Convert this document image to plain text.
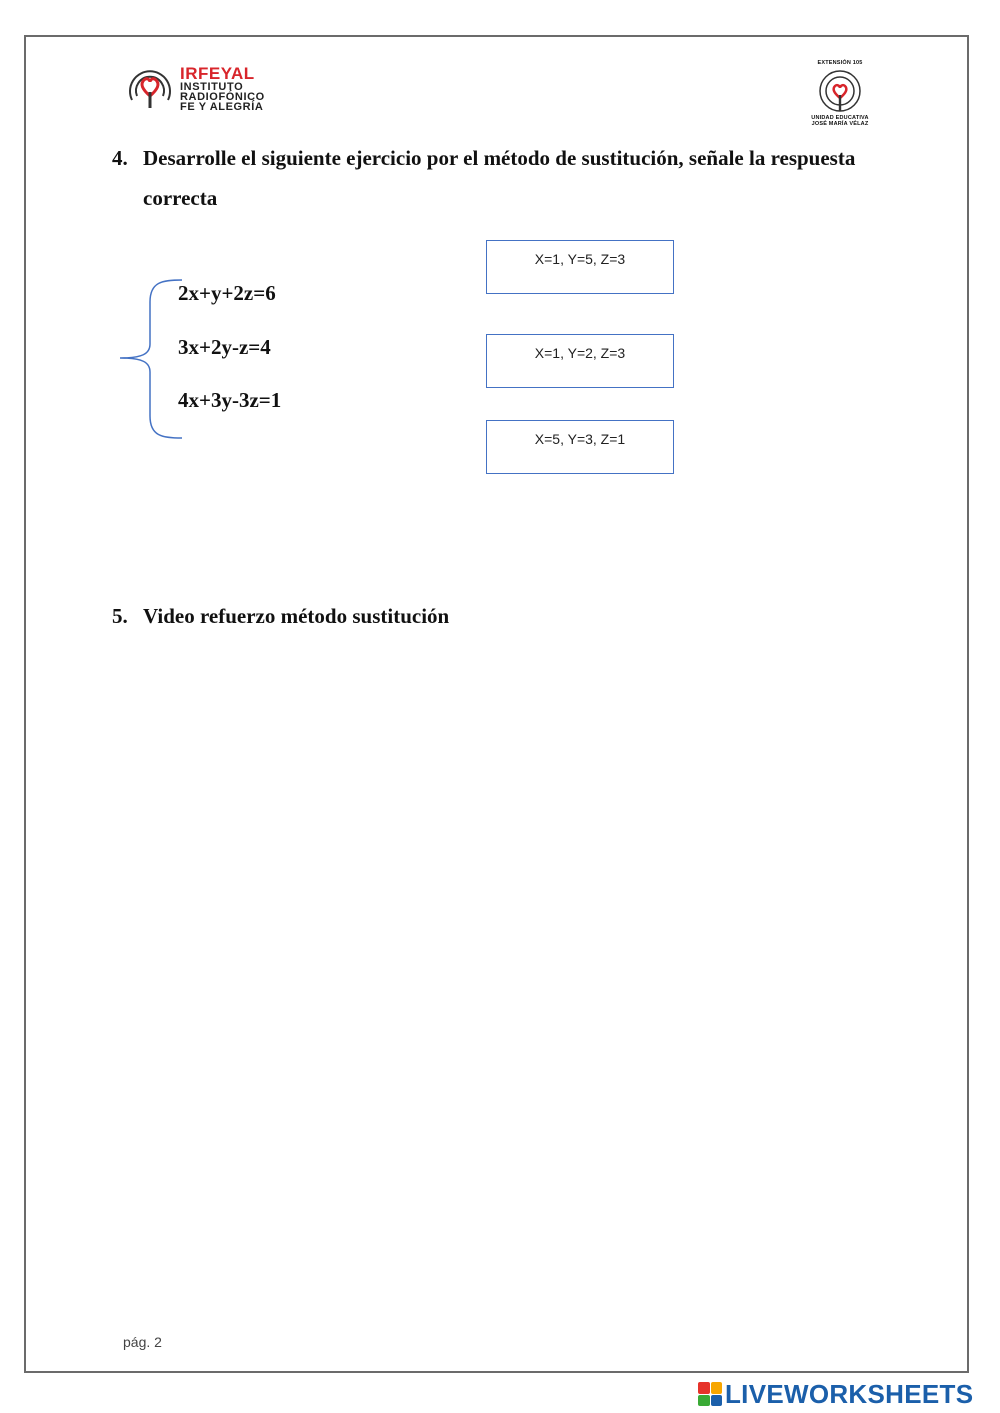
IRFEYAL
INSTITUTO
RADIOFÓNICO
FE Y ALEGRÍA
EXTENSIÓN 105
UNIDAD EDUCATIVA
JOSÉ MARÍA VÉLAZ
4. Desarrolle el siguiente ejercicio por el método de sustitución, señale la respuesta correcta
2x+y+2z=6
3x+2y-z=4
4x+3y-3z=1
X=1, Y=5, Z=3
X=1, Y=2, Z=3
X=5, Y=3, Z=1
5. Video refuerzo método sustitución
pág. 2
LIVEWORKSHEETS
